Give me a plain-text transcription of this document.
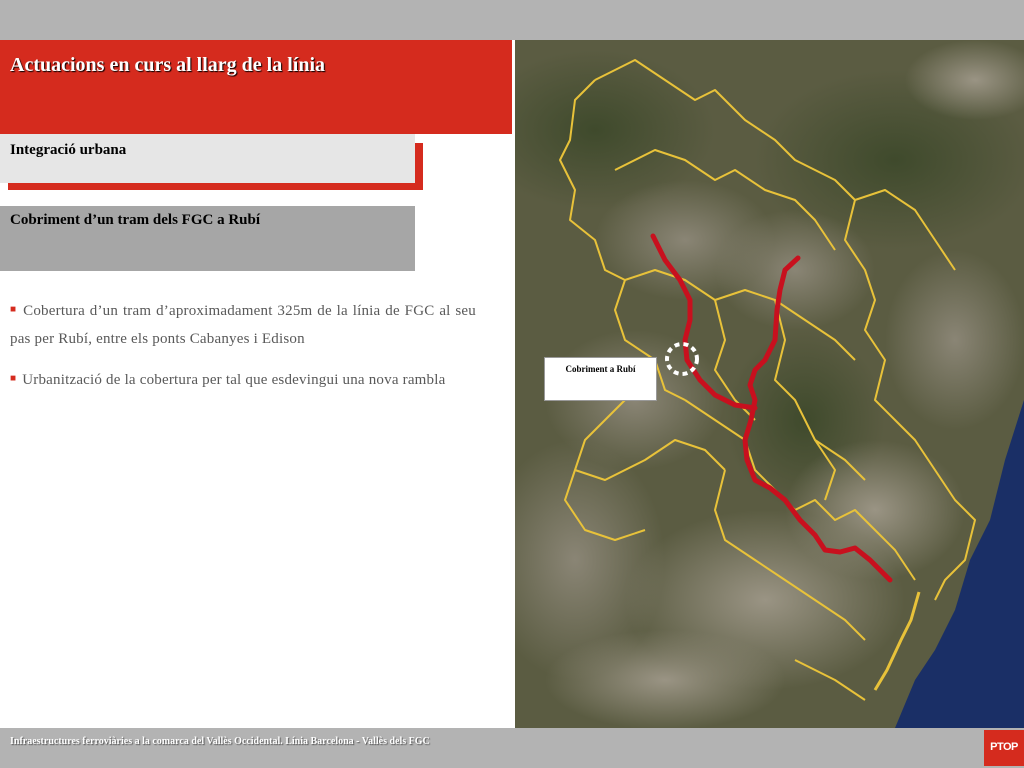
Actuacions en curs al llarg de la línia
Integració urbana
Cobriment d’un tram dels FGC a Rubí
■ Cobertura d’un tram d’aproximadament 325m de la línia de FGC al seu pas per Rubí, entre els ponts Cabanyes i Edison
■ Urbanització de la cobertura per tal que esdevingui una nova rambla
Cobriment a Rubí
Infraestructures ferroviàries a la comarca del Vallès Occidental. Línia Barcelona - Vallès dels FGC	PTOP
